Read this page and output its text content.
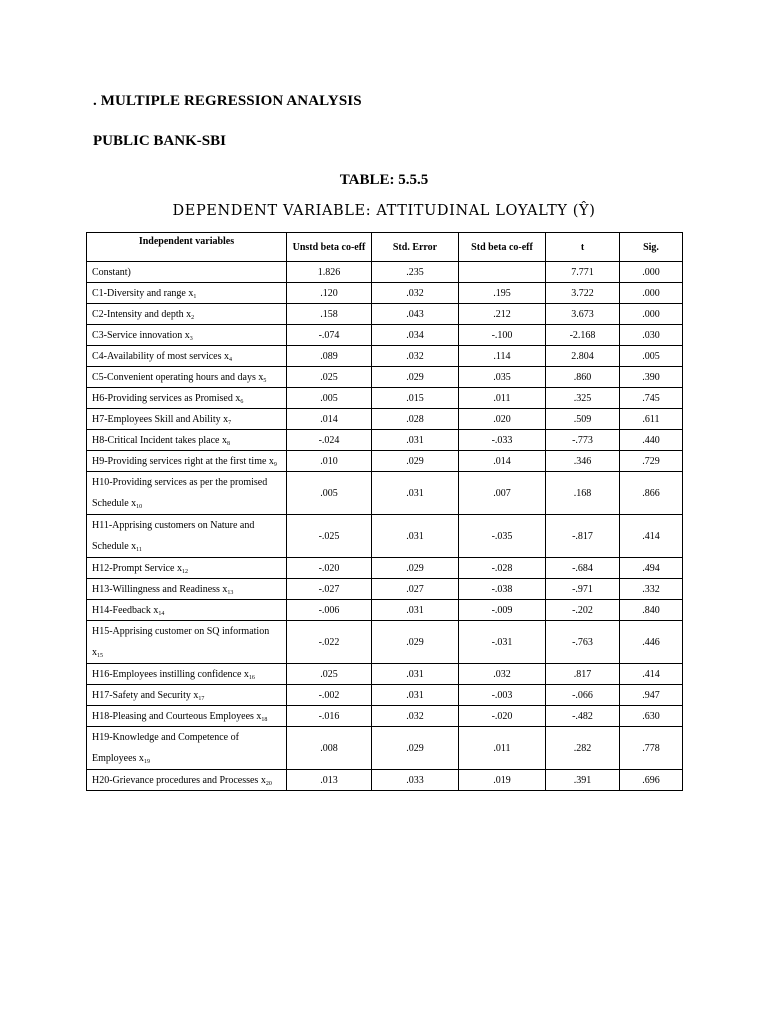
. MULTIPLE REGRESSION ANALYSIS
PUBLIC BANK-SBI
TABLE: 5.5.5
DEPENDENT VARIABLE: ATTITUDINAL LOYALTY (Ŷ)
Independent variables	Unstd beta co-eff	Std. Error	Std beta co-eff	t	Sig.
Constant)	1.826	.235		7.771	.000
C1-Diversity and range $x_1$	.120	.032	.195	3.722	.000
C2-Intensity and depth $x_2$	.158	.043	.212	3.673	.000
C3-Service innovation $x_3$	-.074	.034	-.100	-2.168	.030
C4-Availability of most services $x_4$	.089	.032	.114	2.804	.005
C5-Convenient operating hours and days $x_5$	.025	.029	.035	.860	.390
H6-Providing services as Promised $x_6$	.005	.015	.011	.325	.745
H7-Employees Skill and Ability $x_7$	.014	.028	.020	.509	.611
H8-Critical Incident takes place $x_8$	-.024	.031	-.033	-.773	.440
H9-Providing services right at the first time $x_9$	.010	.029	.014	.346	.729
H10-Providing services as per the promised
Schedule $x_{10}$	.005	.031	.007	.168	.866
H11-Apprising customers on Nature and
Schedule $x_{11}$	-.025	.031	-.035	-.817	.414
H12-Prompt Service $x_{12}$	-.020	.029	-.028	-.684	.494
H13-Willingness and Readiness $x_{13}$	-.027	.027	-.038	-.971	.332
H14-Feedback $x_{14}$	-.006	.031	-.009	-.202	.840
H15-Apprising customer on SQ information
$x_{15}$	-.022	.029	-.031	-.763	.446
H16-Employees instilling confidence $x_{16}$	.025	.031	.032	.817	.414
H17-Safety and Security $x_{17}$	-.002	.031	-.003	-.066	.947
H18-Pleasing and Courteous Employees $x_{18}$	-.016	.032	-.020	-.482	.630
H19-Knowledge and Competence of
Employees $x_{19}$	.008	.029	.011	.282	.778
H20-Grievance procedures and Processes $x_{20}$	.013	.033	.019	.391	.696
